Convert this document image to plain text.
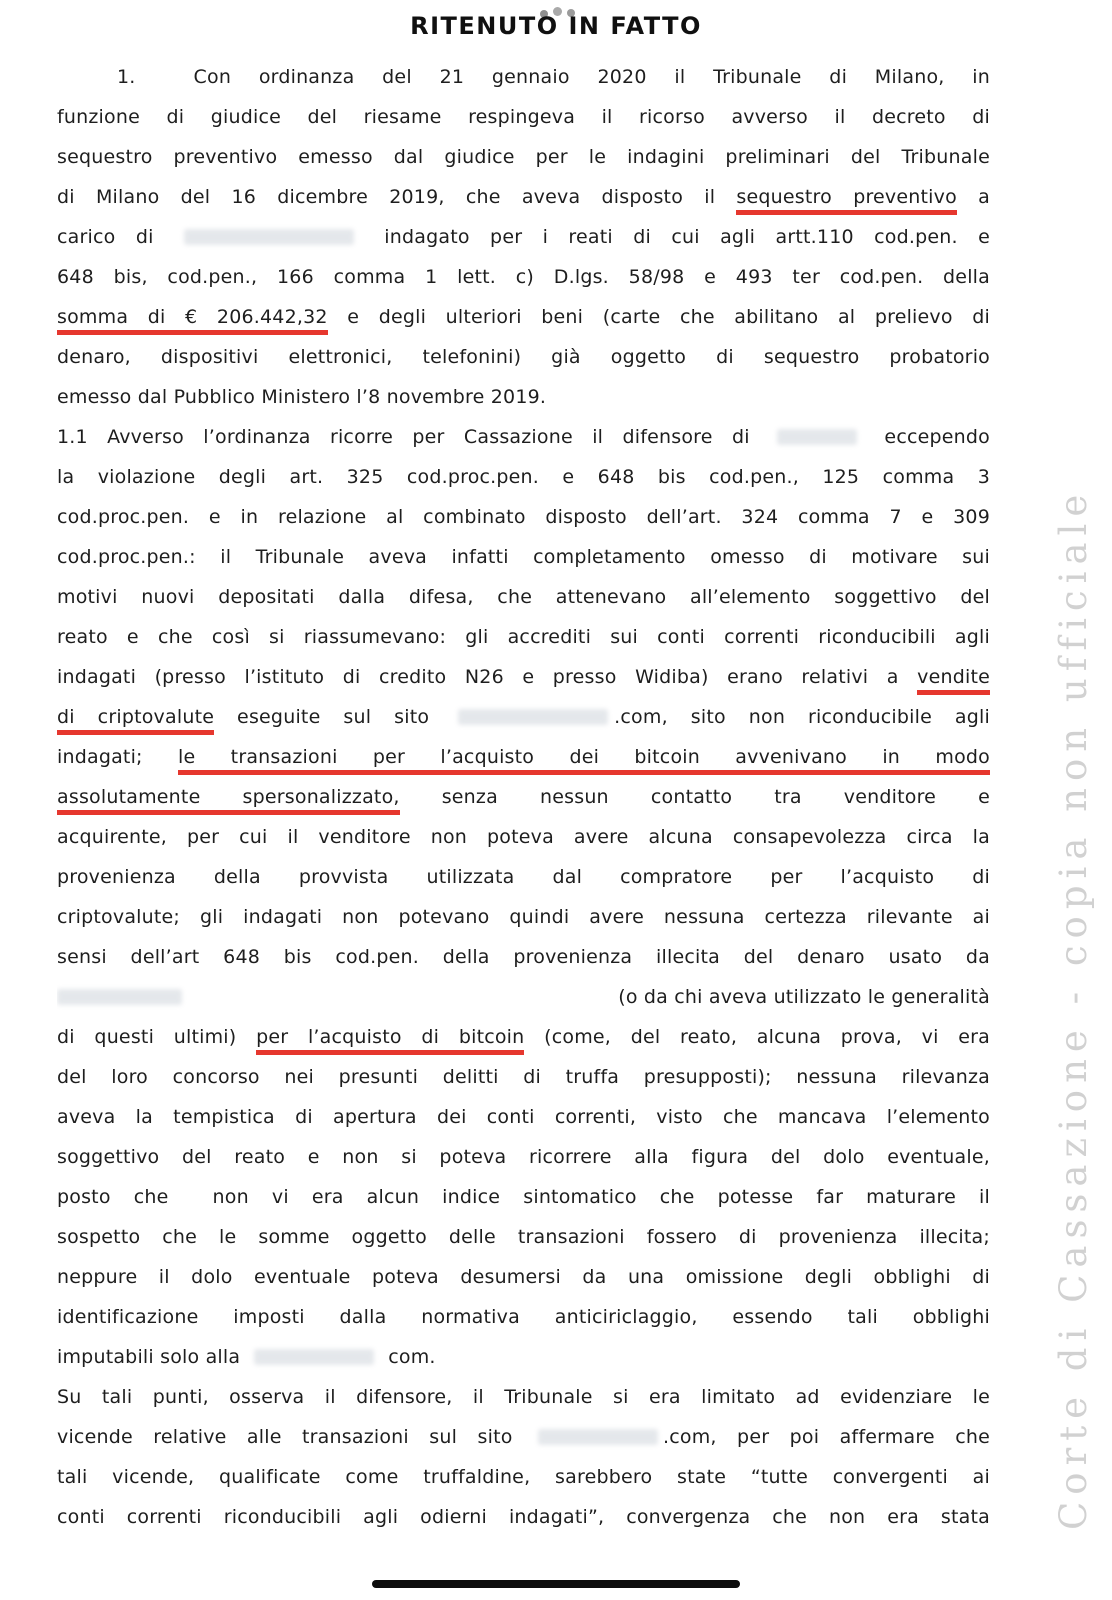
RITENUTO IN FATTO
1.	Con ordinanza del 21 gennaio 2020 il Tribunale di Milano, in
funzione di giudice del riesame respingeva il ricorso avverso il decreto di
sequestro preventivo emesso dal giudice per le indagini preliminari del Tribunale
di Milano del 16 dicembre 2019, che aveva disposto il sequestro preventivo a
carico di	indagato per i reati di cui agli artt.110 cod.pen. e
648 bis, cod.pen., 166 comma 1 lett. c) D.lgs. 58/98 e 493 ter cod.pen. della
somma di € 206.442,32 e degli ulteriori beni (carte che abilitano al prelievo di
denaro, dispositivi elettronici, telefonini) già oggetto di sequestro probatorio
emesso dal Pubblico Ministero l’8 novembre 2019.
1.1 Avverso l’ordinanza ricorre per Cassazione il difensore di	eccependo
la violazione degli art. 325 cod.proc.pen. e 648 bis cod.pen., 125 comma 3
cod.proc.pen. e in relazione al combinato disposto dell’art. 324 comma 7 e 309
cod.proc.pen.: il Tribunale aveva infatti completamento omesso di motivare sui
motivi nuovi depositati dalla difesa, che attenevano all’elemento soggettivo del
reato e che così si riassumevano: gli accrediti sui conti correnti riconducibili agli
indagati (presso l’istituto di credito N26 e presso Widiba) erano relativi a vendite
di criptovalute eseguite sul sito	.com, sito non riconducibile agli
indagati; le transazioni per l’acquisto dei bitcoin avvenivano in modo
assolutamente spersonalizzato, senza nessun contatto tra venditore e
acquirente, per cui il venditore non poteva avere alcuna consapevolezza circa la
provenienza della provvista utilizzata dal compratore per l’acquisto di
criptovalute; gli indagati non potevano quindi avere nessuna certezza rilevante ai
sensi dell’art 648 bis cod.pen. della provenienza illecita del denaro usato da
(o da chi aveva utilizzato le generalità
di questi ultimi) per l’acquisto di bitcoin (come, del reato, alcuna prova, vi era
del loro concorso nei presunti delitti di truffa presupposti); nessuna rilevanza
aveva la tempistica di apertura dei conti correnti, visto che mancava l’elemento
soggettivo del reato e non si poteva ricorrere alla figura del dolo eventuale,
posto che non vi era alcun indice sintomatico che potesse far maturare il
sospetto che le somme oggetto delle transazioni fossero di provenienza illecita;
neppure il dolo eventuale poteva desumersi da una omissione degli obblighi di
identificazione imposti dalla normativa anticiriclaggio, essendo tali obblighi
imputabili solo alla	com.
Su tali punti, osserva il difensore, il Tribunale si era limitato ad evidenziare le
vicende relative alle transazioni sul sito	.com, per poi affermare che
tali vicende, qualificate come truffaldine, sarebbero state “tutte convergenti ai
conti correnti riconducibili agli odierni indagati”, convergenza che non era stata Corte di Cassazione - copia non ufficiale
